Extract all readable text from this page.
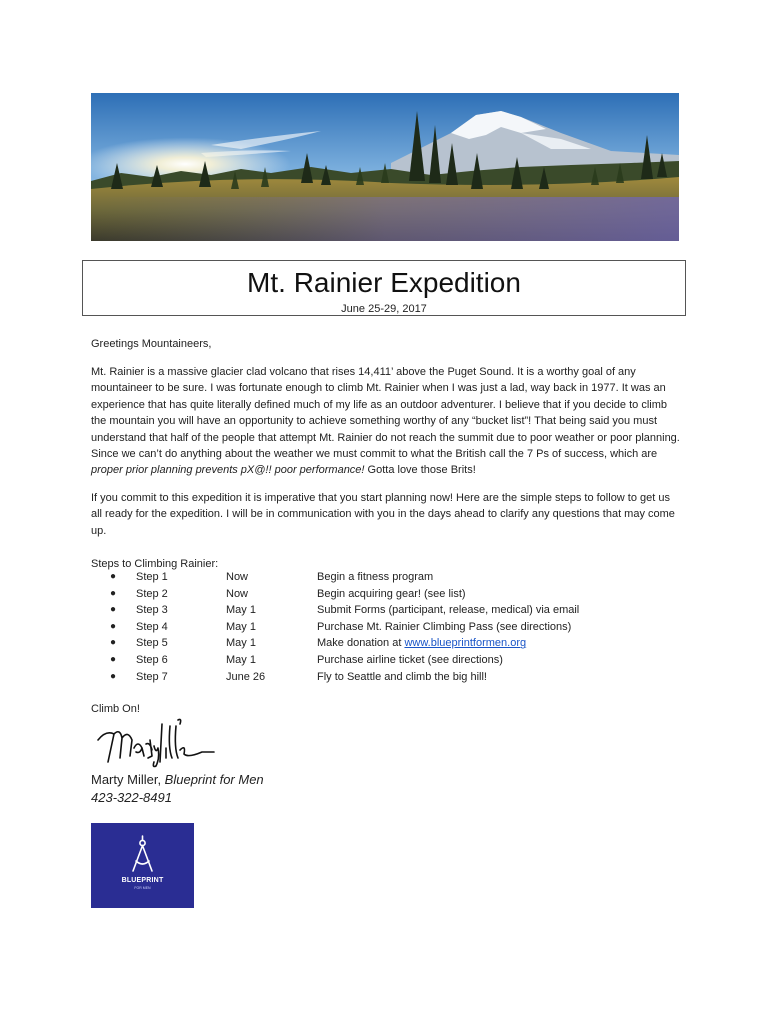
Mt. Rainier Expedition
June 25-29, 2017

Greetings Mountaineers,

Mt. Rainier is a massive glacier clad volcano that rises 14,411’ above the Puget Sound. It is a worthy goal of any mountaineer to be sure. I was fortunate enough to climb Mt. Rainier when I was just a lad, way back in 1977. It was an experience that has quite literally defined much of my life as an outdoor adventurer. I believe that if you decide to climb the mountain you will have an opportunity to achieve something worthy of any “bucket list”! That being said you must understand that half of the people that attempt Mt. Rainier do not reach the summit due to poor weather or poor planning. Since we can’t do anything about the weather we must commit to what the British call the 7 Ps of success, which are proper prior planning prevents pX@!! poor performance! Gotta love those Brits!

If you commit to this expedition it is imperative that you start planning now! Here are the simple steps to follow to get us all ready for the expedition. I will be in communication with you in the days ahead to clarify any questions that may come up.

Steps to Climbing Rainier:
● Step 1	Now	Begin a fitness program
● Step 2	Now	Begin acquiring gear! (see list)
● Step 3	May 1	Submit Forms (participant, release, medical) via email
● Step 4	May 1	Purchase Mt. Rainier Climbing Pass (see directions)
● Step 5	May 1	Make donation at www.blueprintformen.org
● Step 6	May 1	Purchase airline ticket (see directions)
● Step 7	June 26	Fly to Seattle and climb the big hill!
Climb On!
Marty Miller, Blueprint for Men
423-322-8491
BLUEPRINT
FOR MEN
